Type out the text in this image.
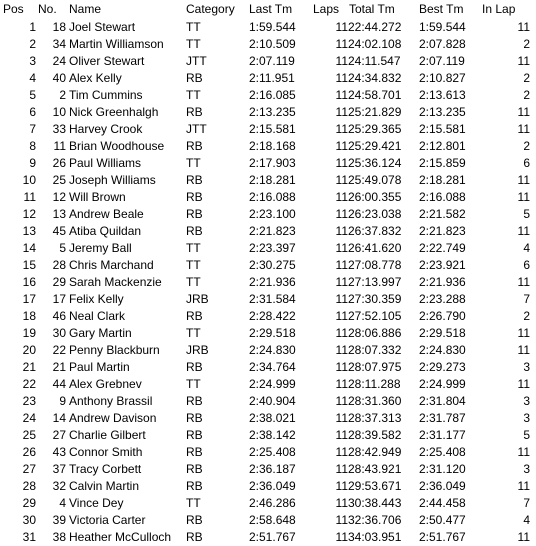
Pos	No.	Name	Category	Last Tm	Laps	Total Tm	Best Tm	In Lap
1	18	Joel Stewart	TT	1:59.544	11	22:44.272	1:59.544	11
2	34	Martin Williamson	TT	2:10.509	11	24:02.108	2:07.828	2
3	24	Oliver Stewart	JTT	2:07.119	11	24:11.547	2:07.119	11
4	40	Alex Kelly	RB	2:11.951	11	24:34.832	2:10.827	2
5	2	Tim Cummins	TT	2:16.085	11	24:58.701	2:13.613	2
6	10	Nick Greenhalgh	RB	2:13.235	11	25:21.829	2:13.235	11
7	33	Harvey Crook	JTT	2:15.581	11	25:29.365	2:15.581	11
8	11	Brian Woodhouse	RB	2:18.168	11	25:29.421	2:12.801	2
9	26	Paul Williams	TT	2:17.903	11	25:36.124	2:15.859	6
10	25	Joseph Williams	RB	2:18.281	11	25:49.078	2:18.281	11
11	12	Will Brown	RB	2:16.088	11	26:00.355	2:16.088	11
12	13	Andrew Beale	RB	2:23.100	11	26:23.038	2:21.582	5
13	45	Atiba Quildan	RB	2:21.823	11	26:37.832	2:21.823	11
14	5	Jeremy Ball	TT	2:23.397	11	26:41.620	2:22.749	4
15	28	Chris Marchand	TT	2:30.275	11	27:08.778	2:23.921	6
16	29	Sarah Mackenzie	TT	2:21.936	11	27:13.997	2:21.936	11
17	17	Felix Kelly	JRB	2:31.584	11	27:30.359	2:23.288	7
18	46	Neal Clark	RB	2:28.422	11	27:52.105	2:26.790	2
19	30	Gary Martin	TT	2:29.518	11	28:06.886	2:29.518	11
20	22	Penny Blackburn	JRB	2:24.830	11	28:07.332	2:24.830	11
21	21	Paul Martin	RB	2:34.764	11	28:07.975	2:29.273	3
22	44	Alex Grebnev	TT	2:24.999	11	28:11.288	2:24.999	11
23	9	Anthony Brassil	RB	2:40.904	11	28:31.360	2:31.804	3
24	14	Andrew Davison	RB	2:38.021	11	28:37.313	2:31.787	3
25	27	Charlie Gilbert	RB	2:38.142	11	28:39.582	2:31.177	5
26	43	Connor Smith	RB	2:25.408	11	28:42.949	2:25.408	11
27	37	Tracy Corbett	RB	2:36.187	11	28:43.921	2:31.120	3
28	32	Calvin Martin	RB	2:36.049	11	29:53.671	2:36.049	11
29	4	Vince Dey	TT	2:46.286	11	30:38.443	2:44.458	7
30	39	Victoria Carter	RB	2:58.648	11	32:36.706	2:50.477	4
31	38	Heather McCulloch	RB	2:51.767	11	34:03.951	2:51.767	11
